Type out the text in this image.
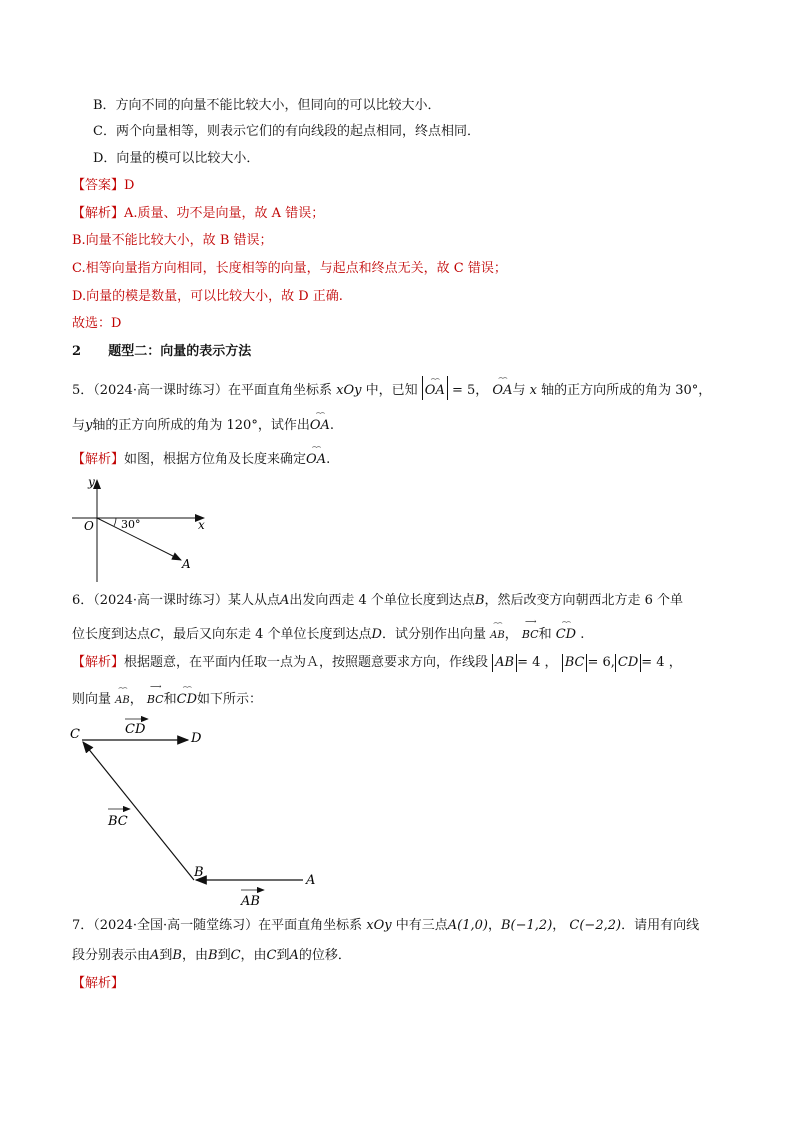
B．方向不同的向量不能比较大小，但同向的可以比较大小．
C．两个向量相等，则表示它们的有向线段的起点相同，终点相同．
D．向量的模可以比较大小．
【答案】D
【解析】A.质量、功不是向量，故 A 错误；
B.向量不能比较大小，故 B 错误；
C.相等向量指方向相同，长度相等的向量，与起点和终点无关，故 C 错误；
D.向量的模是数量，可以比较大小，故 D 正确.
故选：D
2 题型二：向量的表示方法
5．（2024·高一课时练习）在平面直角坐标系 xOy 中，已知
⌢⌢
OA = 5，
⌢⌢
OA与 x 轴的正方向所成的角为 30°，
与y轴的正方向所成的角为 120°，试作出
⌢⌢
OA.
【解析】如图，根据方位角及长度来确定
⌢⌢
OA.
y
x
O 30°
A
6．（2024·高一课时练习）某人从点A出发向西走 4 个单位长度到达点B，然后改变方向朝西北方走 6 个单
位长度到达点C，最后又向东走 4 个单位长度到达点D．试分别作出向量
⌢⌢
AB，
⟶
BC和
⌢⌢
CD .
【解析】根据题意，在平面内任取一点为Ａ，按照题意要求方向，作线段 AB = 4 ， BC = 6, CD = 4 ，
则向量
⌢⌢
AB，
⟶
BC和
⌢⌢
CD如下所示：
C	D
B
A
CD
BC
AB
7．（2024·全国·高一随堂练习）在平面直角坐标系 xOy 中有三点A(1,0)，B(−1,2)， C(−2,2)．请用有向线
段分别表示由A到B，由B到C，由C到A的位移．
【解析】
